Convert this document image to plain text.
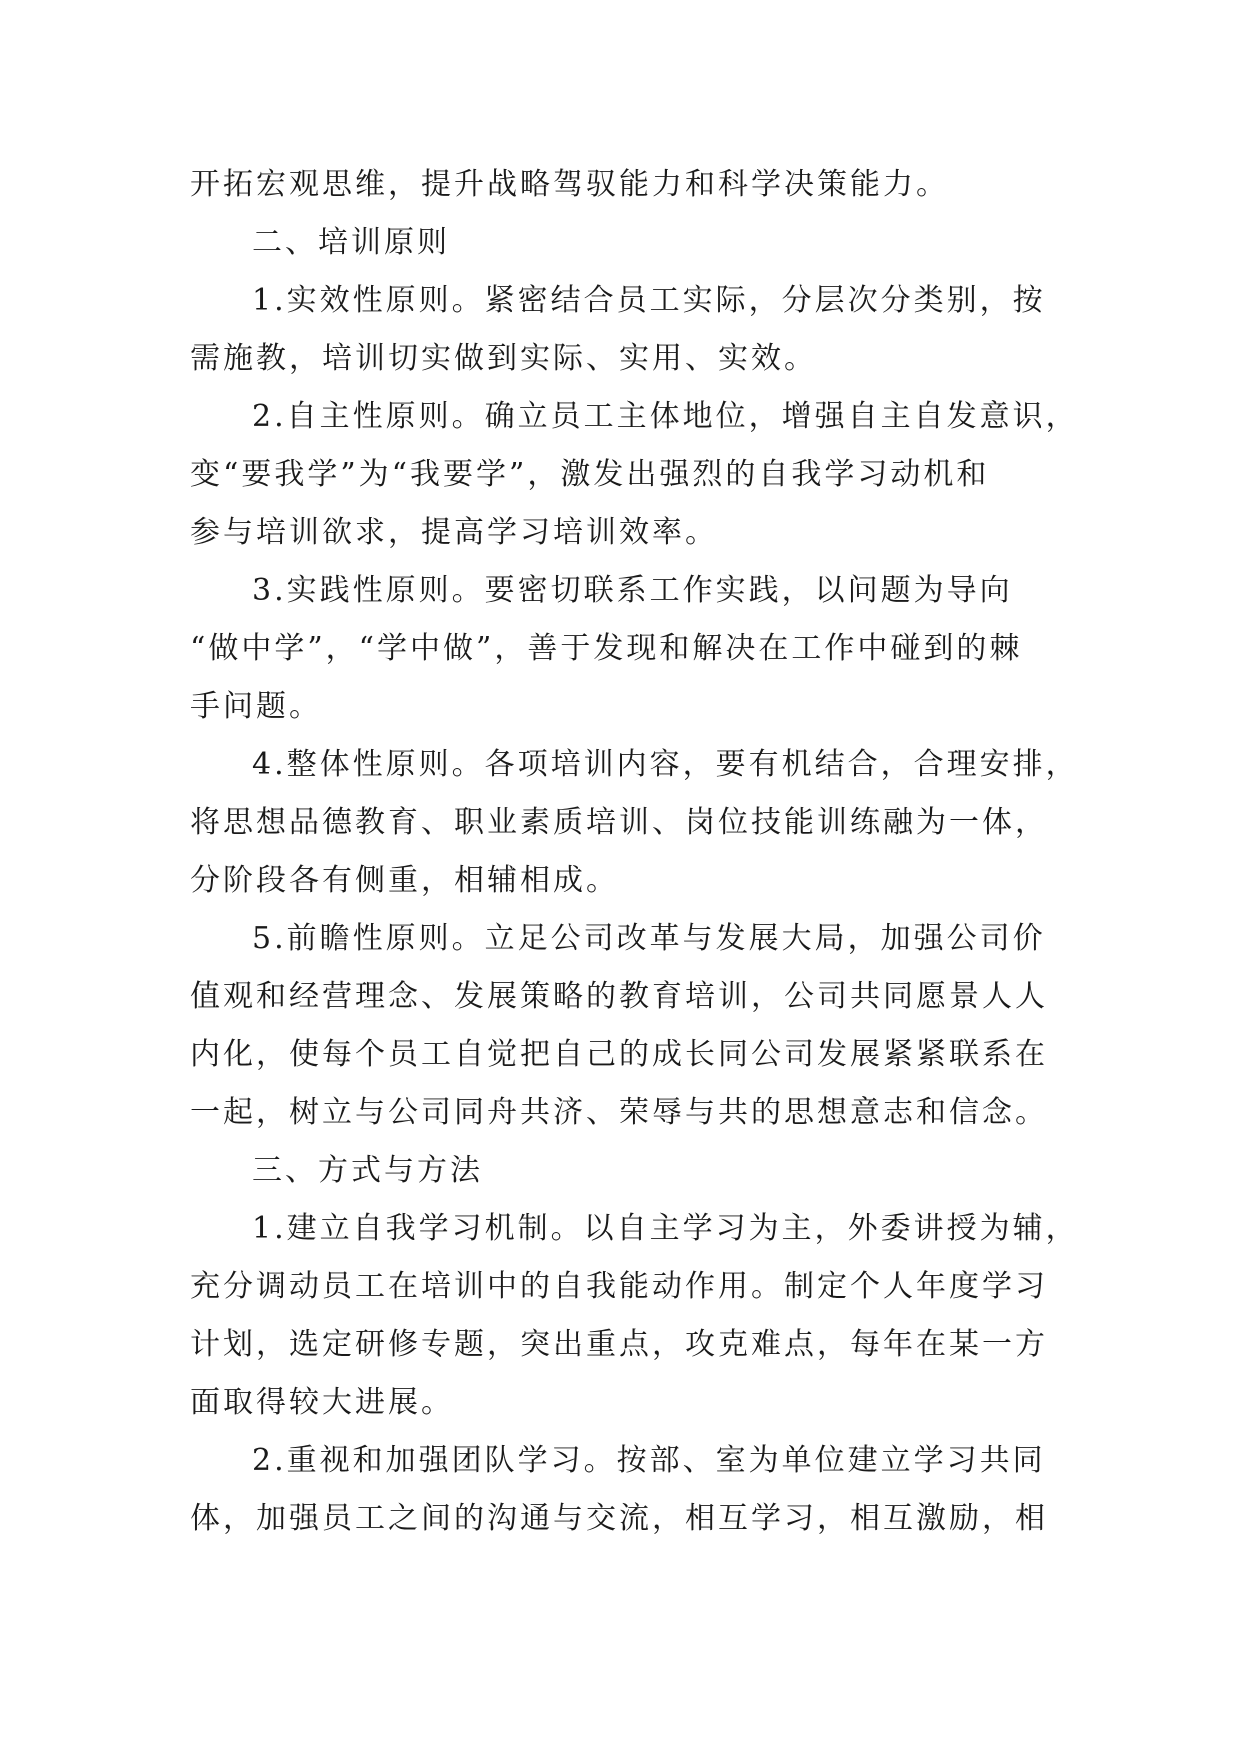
开拓宏观思维，提升战略驾驭能力和科学决策能力。
二、培训原则
1.实效性原则。紧密结合员工实际，分层次分类别，按
需施教，培训切实做到实际、实用、实效。
2.自主性原则。确立员工主体地位，增强自主自发意识，
变“要我学”为“我要学”，激发出强烈的自我学习动机和
参与培训欲求，提高学习培训效率。
3.实践性原则。要密切联系工作实践，以问题为导向
“做中学”，“学中做”，善于发现和解决在工作中碰到的棘
手问题。
4.整体性原则。各项培训内容，要有机结合，合理安排，
将思想品德教育、职业素质培训、岗位技能训练融为一体，
分阶段各有侧重，相辅相成。
5.前瞻性原则。立足公司改革与发展大局，加强公司价
值观和经营理念、发展策略的教育培训，公司共同愿景人人
内化，使每个员工自觉把自己的成长同公司发展紧紧联系在
一起，树立与公司同舟共济、荣辱与共的思想意志和信念。
三、方式与方法
1.建立自我学习机制。以自主学习为主，外委讲授为辅，
充分调动员工在培训中的自我能动作用。制定个人年度学习
计划，选定研修专题，突出重点，攻克难点，每年在某一方
面取得较大进展。
2.重视和加强团队学习。按部、室为单位建立学习共同
体，加强员工之间的沟通与交流，相互学习，相互激励，相
